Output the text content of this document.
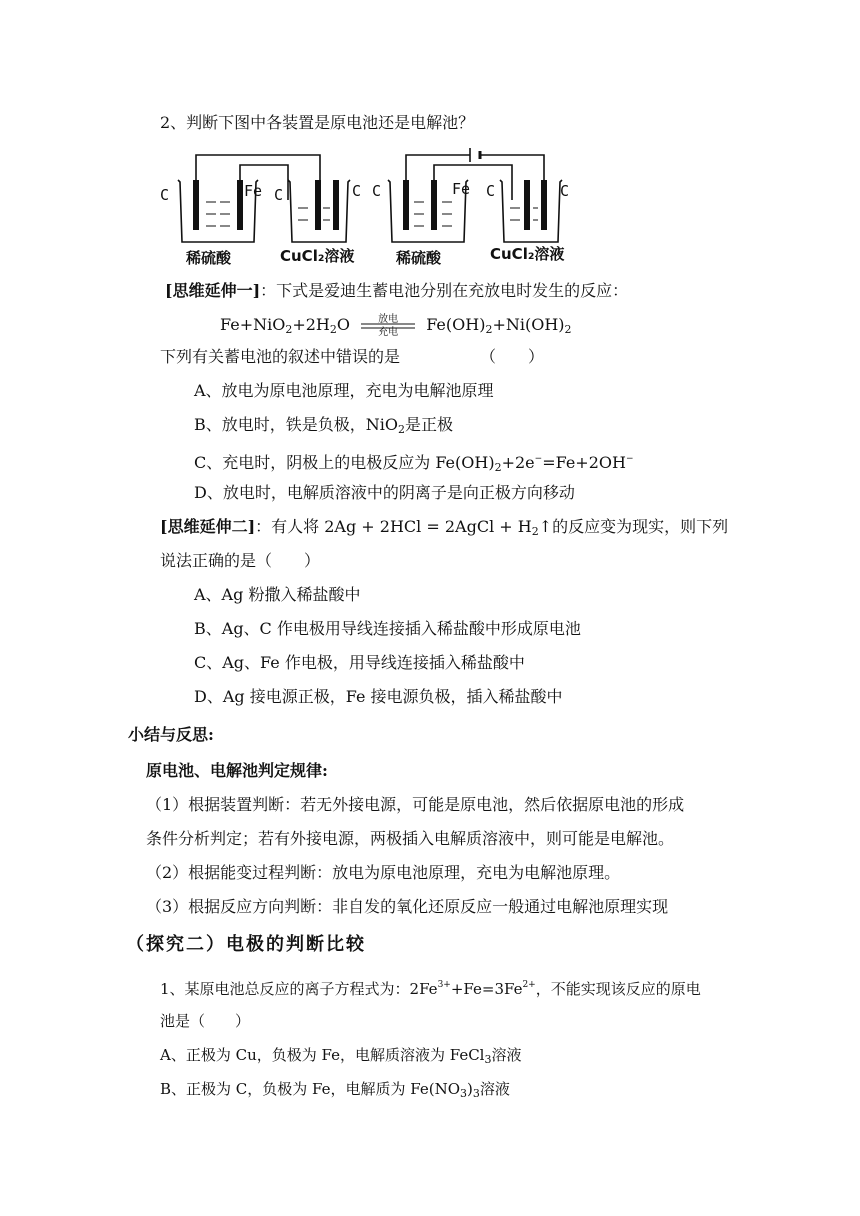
2、判断下图中各装置是原电池还是电解池？
C	Fe C	C C	Fe C	C
稀硫酸	CuCl₂溶液	稀硫酸	CuCl₂溶液
[思维延伸一]：下式是爱迪生蓄电池分别在充放电时发生的反应：
$Fe+NiO_2+2H_2O$	放电
充电	$Fe(OH)_2+Ni(OH)_2$
下列有关蓄电池的叙述中错误的是	（　　）
A、放电为原电池原理，充电为电解池原理
B、放电时，铁是负极，NiO$_2$是正极
C、充电时，阴极上的电极反应为 $Fe(OH)_2+2e^-=Fe+2OH^-$
D、放电时，电解质溶液中的阴离子是向正极方向移动
[思维延伸二]：有人将 2Ag + 2HCl = 2AgCl + $H_2↑$的反应变为现实，则下列
说法正确的是（　　）
A、Ag 粉撒入稀盐酸中
B、Ag、C 作电极用导线连接插入稀盐酸中形成原电池
C、Ag、Fe 作电极，用导线连接插入稀盐酸中
D、Ag 接电源正极，Fe 接电源负极，插入稀盐酸中
小结与反思:
原电池、电解池判定规律:
（1）根据装置判断：若无外接电源，可能是原电池，然后依据原电池的形成
条件分析判定；若有外接电源，两极插入电解质溶液中，则可能是电解池。
（2）根据能变过程判断：放电为原电池原理，充电为电解池原理。
（3）根据反应方向判断：非自发的氧化还原反应一般通过电解池原理实现
（探究二）电极的判断比较
1、某原电池总反应的离子方程式为：$2Fe^{3+}+Fe=3Fe^{2+}$，不能实现该反应的原电
池是（　　）
A、正极为 Cu，负极为 Fe，电解质溶液为 FeCl$_3$溶液
B、正极为 C，负极为 Fe，电解质为 $Fe(NO_3)_3$溶液
